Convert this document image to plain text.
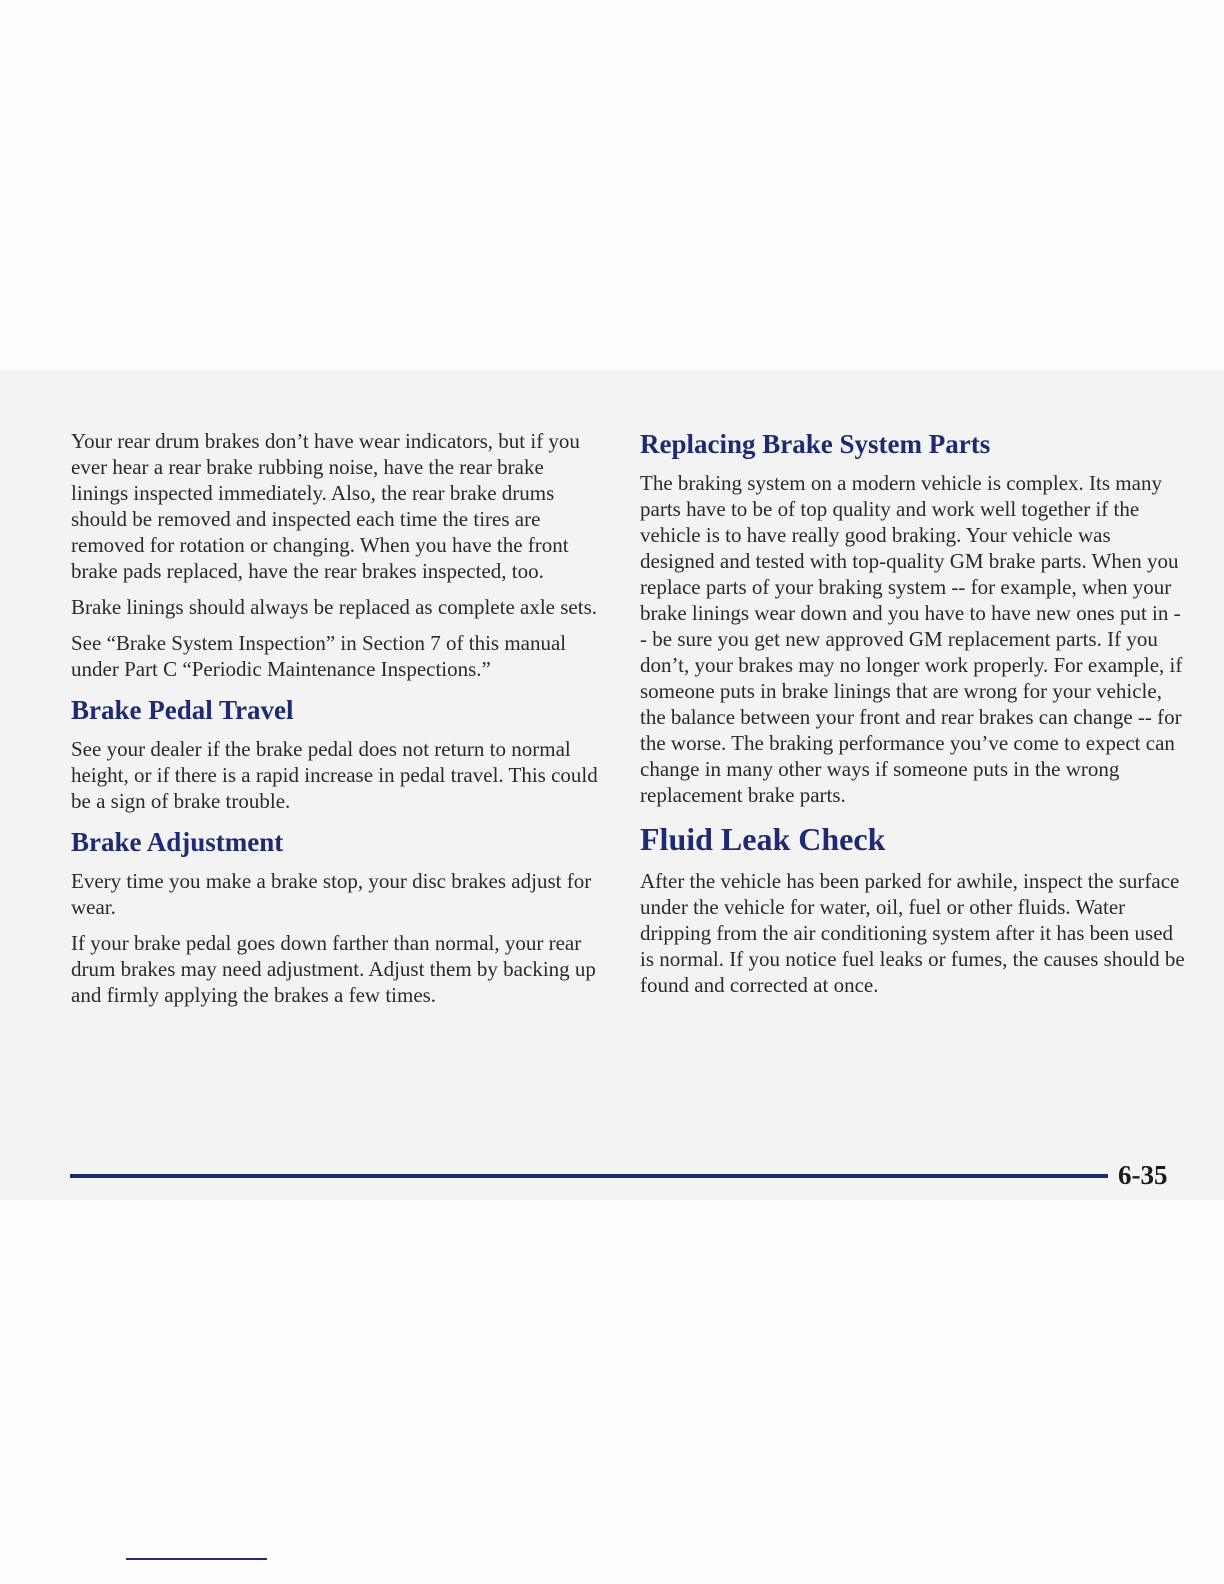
Your rear drum brakes don’t have wear indicators, but if you ever hear a rear brake rubbing noise, have the rear brake linings inspected immediately. Also, the rear brake drums should be removed and inspected each time the tires are removed for rotation or changing. When you have the front brake pads replaced, have the rear brakes inspected, too.

Brake linings should always be replaced as complete axle sets.

See “Brake System Inspection” in Section 7 of this manual under Part C “Periodic Maintenance Inspections.”

Brake Pedal Travel

See your dealer if the brake pedal does not return to normal height, or if there is a rapid increase in pedal travel. This could be a sign of brake trouble.

Brake Adjustment

Every time you make a brake stop, your disc brakes adjust for wear.

If your brake pedal goes down farther than normal, your rear drum brakes may need adjustment. Adjust them by backing up and firmly applying the brakes a few times.

Replacing Brake System Parts

The braking system on a modern vehicle is complex. Its many parts have to be of top quality and work well together if the vehicle is to have really good braking. Your vehicle was designed and tested with top-quality GM brake parts. When you replace parts of your braking system -- for example, when your brake linings wear down and you have to have new ones put in -- be sure you get new approved GM replacement parts. If you don’t, your brakes may no longer work properly. For example, if someone puts in brake linings that are wrong for your vehicle, the balance between your front and rear brakes can change -- for the worse. The braking performance you’ve come to expect can change in many other ways if someone puts in the wrong replacement brake parts.

Fluid Leak Check

After the vehicle has been parked for awhile, inspect the surface under the vehicle for water, oil, fuel or other fluids. Water dripping from the air conditioning system after it has been used is normal. If you notice fuel leaks or fumes, the causes should be found and corrected at once.

6-35
